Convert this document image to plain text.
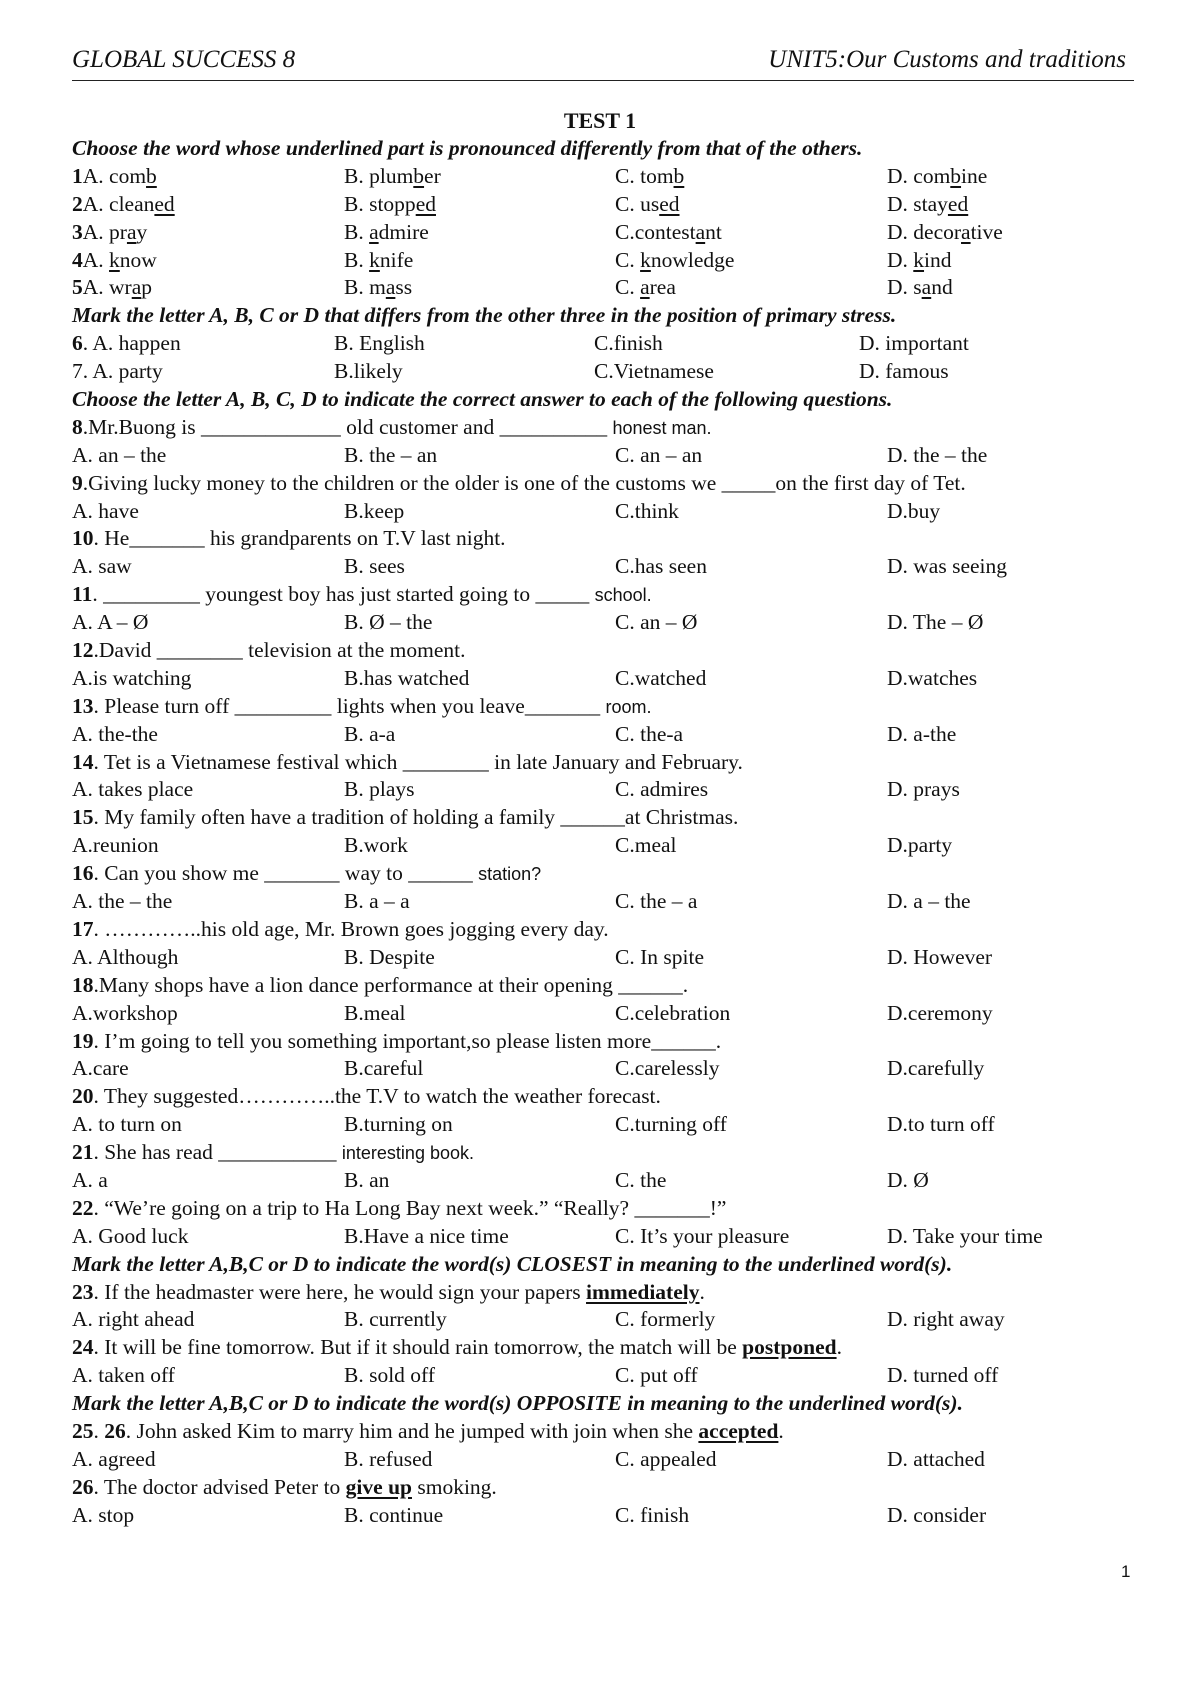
GLOBAL SUCCESS 8	UNIT5:Our Customs and traditions
TEST 1
Choose the word whose underlined part is pronounced differently from that of the others.
1A. comb	B. plumber	C. tomb	D. combine
2A. cleaned	B. stopped	C. used	D. stayed
3A. pray	B. admire	C.contestant	D. decorative
4A. know	B. knife	C. knowledge	D. kind
5A. wrap	B. mass	C. area	D. sand
Mark the letter A, B, C or D that differs from the other three in the position of primary stress.
6. A. happen	B. English	C.finish	D. important
7. A. party	B.likely	C.Vietnamese	D. famous
Choose the letter A, B, C, D to indicate the correct answer to each of the following questions.
8.Mr.Buong is _____________ old customer and __________ honest man.
A. an – the	B. the – an	C. an – an	D. the – the
9.Giving lucky money to the children or the older is one of the customs we _____on the first day of Tet.
A. have	B.keep	C.think	D.buy
10. He_______ his grandparents on T.V last night.
A. saw	B. sees	C.has seen	D. was seeing
11. _________ youngest boy has just started going to _____ school.
A. A – Ø	B. Ø – the	C. an – Ø	D. The – Ø
12.David ________ television at the moment.
A.is watching	B.has watched	C.watched	D.watches
13. Please turn off _________ lights when you leave_______ room.
A. the-the	B. a-a	C. the-a	D. a-the
14. Tet is a Vietnamese festival which ________ in late January and February.
A. takes place	B. plays	C. admires	D. prays
15. My family often have a tradition of holding a family ______at Christmas.
A.reunion	B.work	C.meal	D.party
16. Can you show me _______ way to ______ station?
A. the – the	B. a – a	C. the – a	D. a – the
17. …………..his old age, Mr. Brown goes jogging every day.
A. Although	B. Despite	C. In spite	D. However
18.Many shops have a lion dance performance at their opening ______.
A.workshop	B.meal	C.celebration	D.ceremony
19. I’m going to tell you something important,so please listen more______.
A.care	B.careful	C.carelessly	D.carefully
20. They suggested…………..the T.V to watch the weather forecast.
A. to turn on	B.turning on	C.turning off	D.to turn off
21. She has read ___________ interesting book.
A. a	B. an	C. the	D. Ø
22. “We’re going on a trip to Ha Long Bay next week.” “Really? _______!”
A. Good luck	B.Have a nice time	C. It’s your pleasure	D. Take your time
Mark the letter A,B,C or D to indicate the word(s) CLOSEST in meaning to the underlined word(s).
23. If the headmaster were here, he would sign your papers immediately.
A. right ahead	B. currently	C. formerly	D. right away
24. It will be fine tomorrow. But if it should rain tomorrow, the match will be postponed.
A. taken off	B. sold off	C. put off	D. turned off
Mark the letter A,B,C or D to indicate the word(s) OPPOSITE in meaning to the underlined word(s).
25. 26. John asked Kim to marry him and he jumped with join when she accepted.
A. agreed	B. refused	C. appealed	D. attached
26. The doctor advised Peter to give up smoking.
A. stop	B. continue	C. finish	D. consider
1
